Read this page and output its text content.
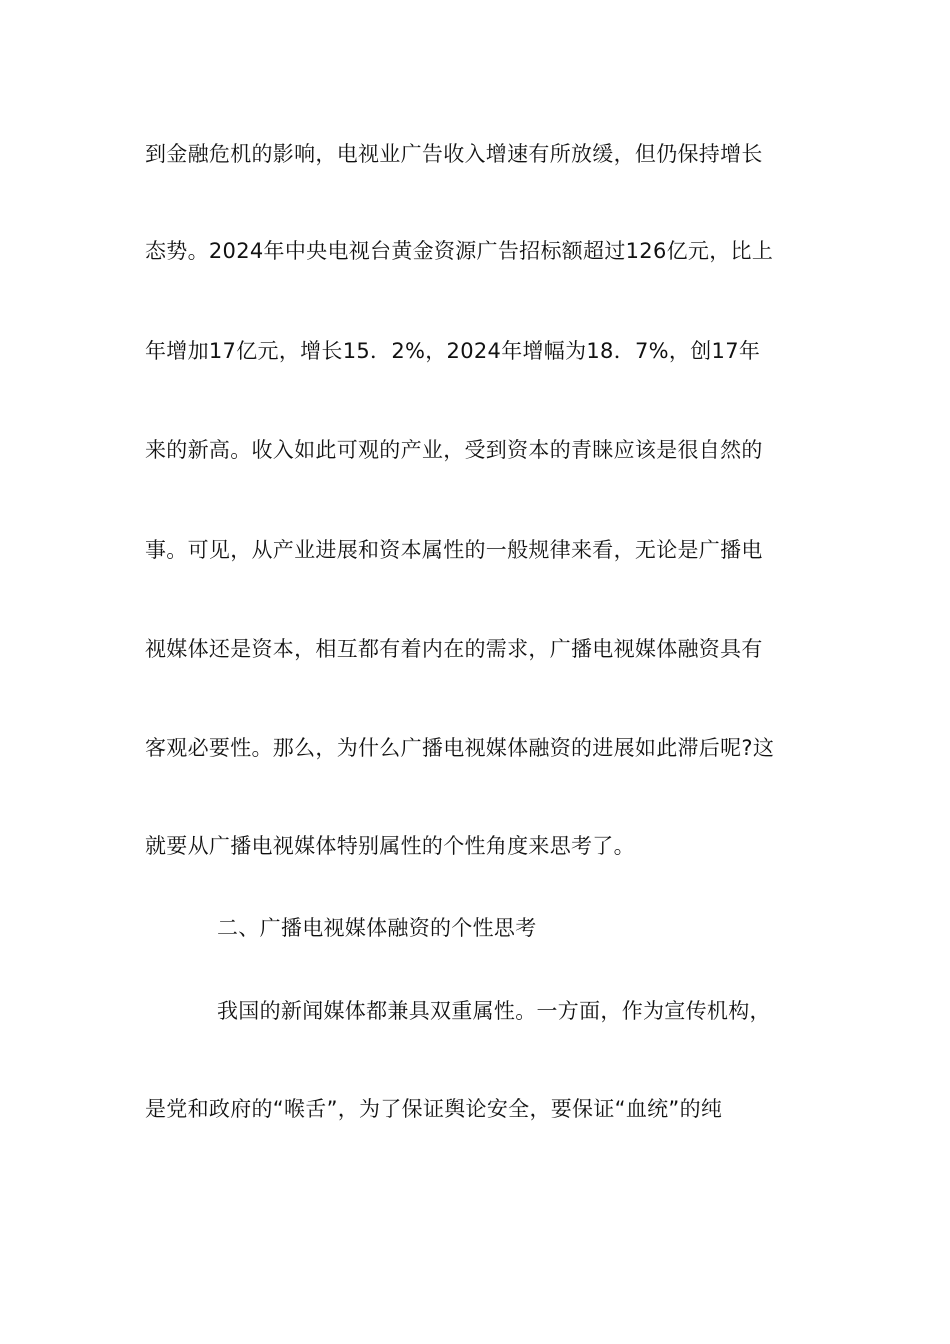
到金融危机的影响，电视业广告收入增速有所放缓，但仍保持增长
态势。2024年中央电视台黄金资源广告招标额超过126亿元，比上
年增加17亿元，增长15．2%，2024年增幅为18．7%，创17年
来的新高。收入如此可观的产业，受到资本的青睐应该是很自然的
事。可见，从产业进展和资本属性的一般规律来看，无论是广播电
视媒体还是资本，相互都有着内在的需求，广播电视媒体融资具有
客观必要性。那么，为什么广播电视媒体融资的进展如此滞后呢?这
就要从广播电视媒体特别属性的个性角度来思考了。
二、广播电视媒体融资的个性思考
我国的新闻媒体都兼具双重属性。一方面，作为宣传机构，
是党和政府的“喉舌”，为了保证舆论安全，要保证“血统”的纯
